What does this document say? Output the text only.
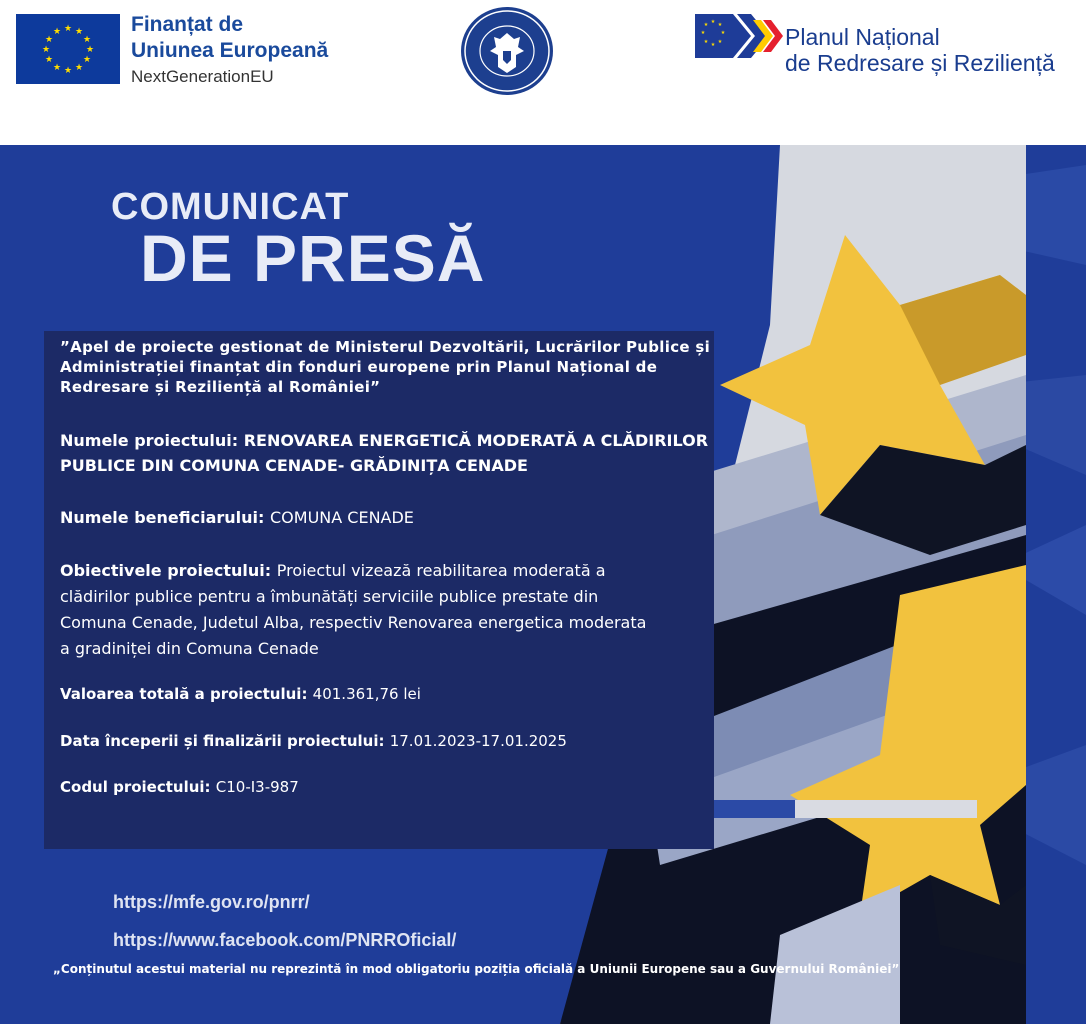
★ ★
★
★
★
★
★
★
★
★
★
★	Finanțat de
Uniunea Europeană
NextGenerationEU
★ ★
★
★
★
★
★
★	Planul Național
de Redresare și Reziliență
COMUNICAT
DE PRESĂ
”Apel de proiecte gestionat de Ministerul Dezvoltării, Lucrărilor Publice și Administrației finanțat din fonduri europene prin Planul Național de Redresare și Reziliență al României”
Numele proiectului: RENOVAREA ENERGETICĂ MODERATĂ A CLĂDIRILOR PUBLICE DIN COMUNA CENADE- GRĂDINIȚA CENADE
Numele beneficiarului: COMUNA CENADE
Obiectivele proiectului: Proiectul vizează reabilitarea moderată a clădirilor publice pentru a îmbunătăți serviciile publice prestate din Comuna Cenade, Judetul Alba, respectiv Renovarea energetica moderata a gradiniței din Comuna Cenade
Valoarea totală a proiectului: 401.361,76 lei
Data începerii și finalizării proiectului: 17.01.2023-17.01.2025
Codul proiectului: C10-I3-987
https://mfe.gov.ro/pnrr/
https://www.facebook.com/PNRROficial/
„Conținutul acestui material nu reprezintă în mod obligatoriu poziția oficială a Uniunii Europene sau a Guvernului României”
